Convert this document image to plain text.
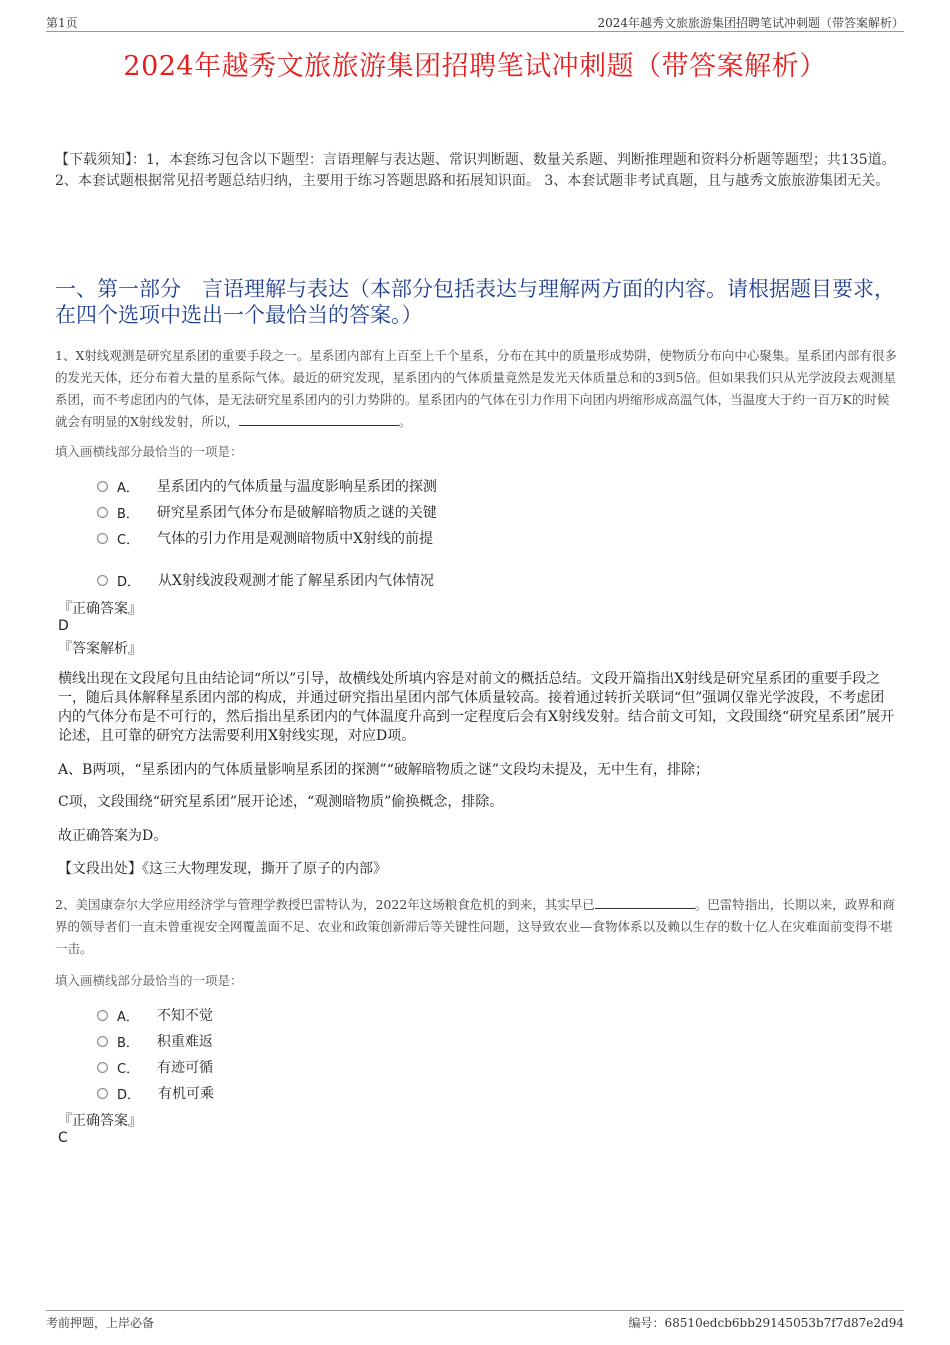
第1页	2024年越秀文旅旅游集团招聘笔试冲刺题（带答案解析）
2024年越秀文旅旅游集团招聘笔试冲刺题（带答案解析）
【下载须知】：1，本套练习包含以下题型：言语理解与表达题、常识判断题、数量关系题、判断推理题和资料分析题等题型；共135道。 2、本套试题根据常见招考题总结归纳，主要用于练习答题思路和拓展知识面。 3、本套试题非考试真题，且与越秀文旅旅游集团无关。
一、第一部分　言语理解与表达（本部分包括表达与理解两方面的内容。请根据题目要求，在四个选项中选出一个最恰当的答案。）
1、X射线观测是研究星系团的重要手段之一。星系团内部有上百至上千个星系，分布在其中的质量形成势阱，使物质分布向中心聚集。星系团内部有很多的发光天体，还分布着大量的星系际气体。最近的研究发现，星系团内的气体质量竟然是发光天体质量总和的3到5倍。但如果我们只从光学波段去观测星系团，而不考虑团内的气体，是无法研究星系团内的引力势阱的。星系团内的气体在引力作用下向团内坍缩形成高温气体，当温度大于约一百万K的时候就会有明显的X射线发射，所以，	。
填入画横线部分最恰当的一项是：
A． 星系团内的气体质量与温度影响星系团的探测
B． 研究星系团气体分布是破解暗物质之谜的关键
C． 气体的引力作用是观测暗物质中X射线的前提
D． 从X射线波段观测才能了解星系团内气体情况
『正确答案』
D
『答案解析』
横线出现在文段尾句且由结论词“所以”引导，故横线处所填内容是对前文的概括总结。文段开篇指出X射线是研究星系团的重要手段之一，随后具体解释星系团内部的构成，并通过研究指出星团内部气体质量较高。接着通过转折关联词“但”强调仅靠光学波段，不考虑团内的气体分布是不可行的，然后指出星系团内的气体温度升高到一定程度后会有X射线发射。结合前文可知，文段围绕“研究星系团”展开论述，且可靠的研究方法需要利用X射线实现，对应D项。
A、B两项，“星系团内的气体质量影响星系团的探测”“破解暗物质之谜”文段均未提及，无中生有，排除；
C项，文段围绕“研究星系团”展开论述，“观测暗物质”偷换概念，排除。
故正确答案为D。
【文段出处】《这三大物理发现，撕开了原子的内部》
2、美国康奈尔大学应用经济学与管理学教授巴雷特认为，2022年这场粮食危机的到来，其实早已	。巴雷特指出，长期以来，政界和商界的领导者们一直未曾重视安全网覆盖面不足、农业和政策创新滞后等关键性问题，这导致农业—食物体系以及赖以生存的数十亿人在灾难面前变得不堪一击。
填入画横线部分最恰当的一项是：
A． 不知不觉
B． 积重难返
C． 有迹可循
D． 有机可乘
『正确答案』
C
考前押题，上岸必备	编号：68510edcb6bb29145053b7f7d87e2d94
